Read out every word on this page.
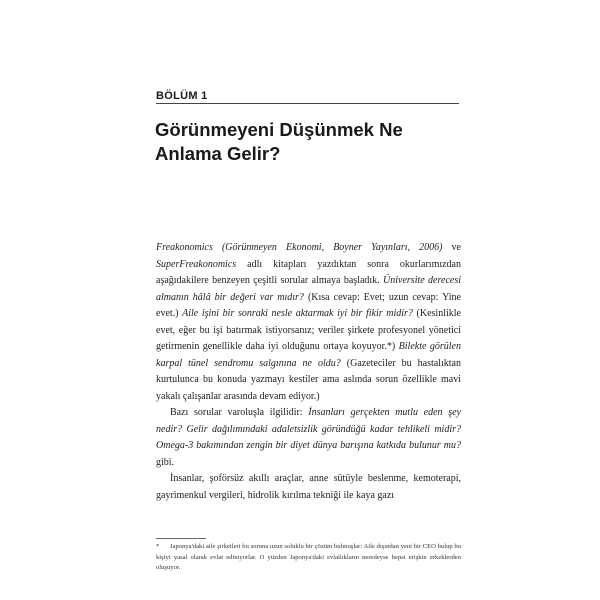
BÖLÜM 1
Görünmeyeni Düşünmek Ne Anlama Gelir?

Freakonomics (Görünmeyen Ekonomi, Boyner Yayınları, 2006) ve SuperFreakonomics adlı kitapları yazdıktan sonra okurlarımızdan aşağıdakilere benzeyen çeşitli sorular almaya başladık. Üniversite derecesi almanın hâlâ bir değeri var mıdır? (Kısa cevap: Evet; uzun cevap: Yine evet.) Aile işini bir sonraki nesle aktarmak iyi bir fikir midir? (Kesinlikle evet, eğer bu işi batırmak istiyorsanız; veriler şirkete profesyonel yönetici getirmenin genellikle daha iyi olduğunu ortaya koyuyor.*) Bilekte görülen karpal tünel sendromu salgınına ne oldu? (Gazeteciler bu hastalıktan kurtulunca bu konuda yazmayı kestiler ama aslında sorun özellikle mavi yakalı çalışanlar arasında devam ediyor.)

Bazı sorular varoluşla ilgilidir: İnsanları gerçekten mutlu eden şey nedir? Gelir dağılımındaki adaletsizlik göründüğü kadar tehlikeli midir? Omega-3 bakımından zengin bir diyet dünya barışına katkıda bulunur mu? gibi.

İnsanlar, şoförsüz akıllı araçlar, anne sütüyle beslenme, kemoterapi, gayrimenkul vergileri, hidrolik kırılma tekniği ile kaya gazı

* Japonya'daki aile şirketleri bu soruna uzun soluklu bir çözüm bulmuşlar: Aile dışından yeni bir CEO bulup bu kişiyi yasal olarak evlat ediniyorlar. O yüzden Japonya'daki evlatlıkların neredeyse hepsi erişkin erkeklerden oluşuyor.
